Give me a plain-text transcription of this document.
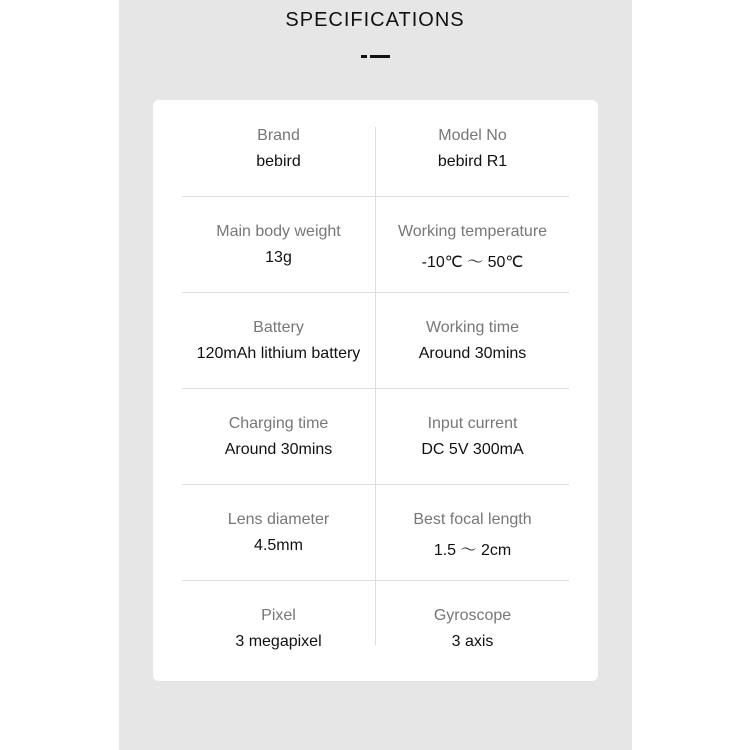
SPECIFICATIONS
Brand
bebird
Model No
bebird R1
Main body weight
13g
Working temperature
-10℃ ～ 50℃
Battery
120mAh lithium battery
Working time
Around 30mins
Charging time
Around 30mins
Input current
DC 5V 300mA
Lens diameter
4.5mm
Best focal length
1.5 ～ 2cm
Pixel
3 megapixel
Gyroscope
3 axis
